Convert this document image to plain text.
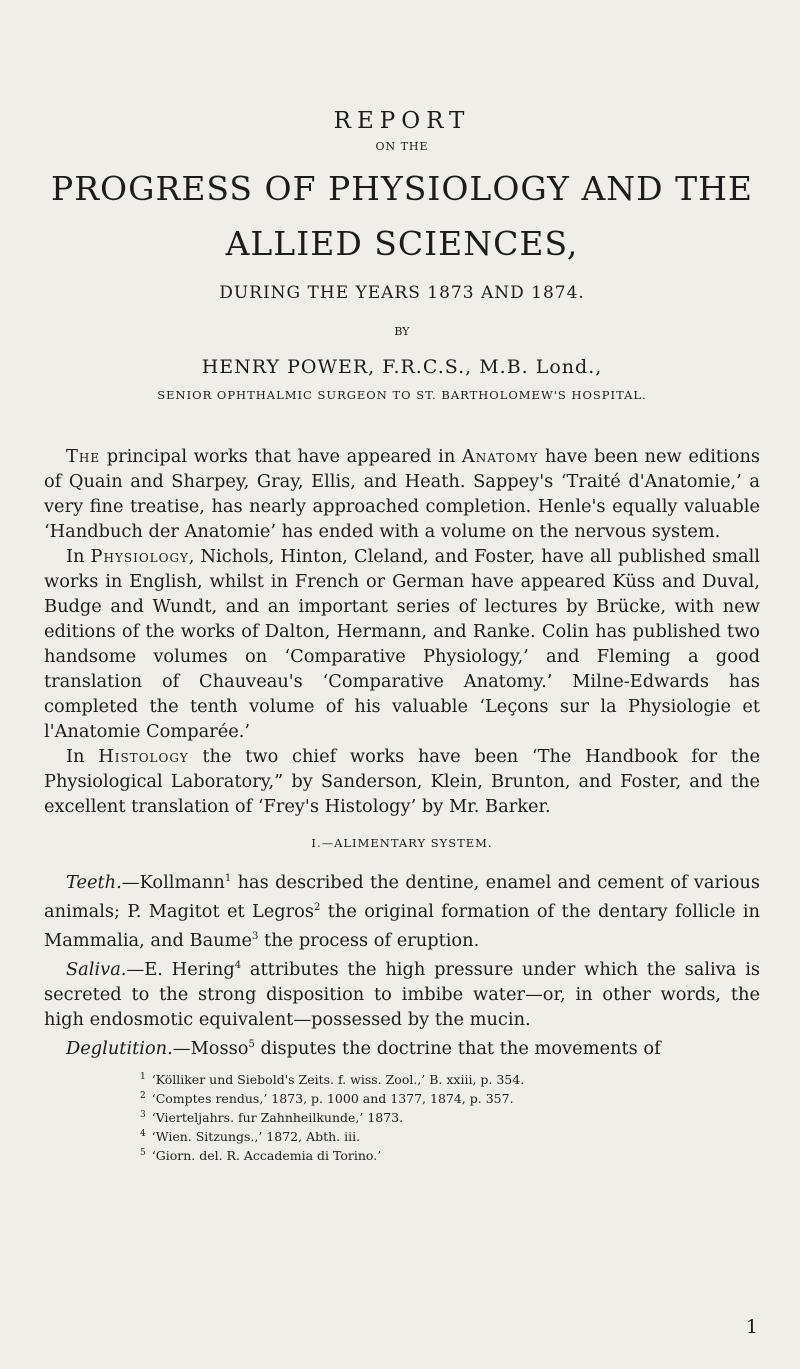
REPORT

ON THE

PROGRESS OF PHYSIOLOGY AND THE
ALLIED SCIENCES,

DURING THE YEARS 1873 AND 1874.

BY

HENRY POWER, F.R.C.S., M.B. Lond.,

SENIOR OPHTHALMIC SURGEON TO ST. BARTHOLOMEW'S HOSPITAL.

The principal works that have appeared in Anatomy have been new editions of Quain and Sharpey, Gray, Ellis, and Heath. Sappey's ‘Traité d'Anatomie,’ a very fine treatise, has nearly approached completion. Henle's equally valuable ‘Handbuch der Anatomie’ has ended with a volume on the nervous system.

In Physiology, Nichols, Hinton, Cleland, and Foster, have all published small works in English, whilst in French or German have appeared Küss and Duval, Budge and Wundt, and an important series of lectures by Brücke, with new editions of the works of Dalton, Hermann, and Ranke. Colin has published two handsome volumes on ‘Comparative Physiology,’ and Fleming a good translation of Chauveau's ‘Comparative Anatomy.’ Milne-Edwards has completed the tenth volume of his valuable ‘Leçons sur la Physiologie et l'Anatomie Comparée.’

In Histology the two chief works have been ‘The Handbook for the Physiological Laboratory,” by Sanderson, Klein, Brunton, and Foster, and the excellent translation of ‘Frey's Histology’ by Mr. Barker.

I.—ALIMENTARY SYSTEM.

Teeth.—Kollmann$^1$ has described the dentine, enamel and cement of various animals; P. Magitot et Legros$^2$ the original formation of the dentary follicle in Mammalia, and Baume$^3$ the process of eruption.

Saliva.—E. Hering$^4$ attributes the high pressure under which the saliva is secreted to the strong disposition to imbibe water—or, in other words, the high endosmotic equivalent—possessed by the mucin.

Deglutition.—Mosso$^5$ disputes the doctrine that the movements of

$^1$ ‘Kölliker und Siebold's Zeits. f. wiss. Zool.,’ B. xxiii, p. 354.
$^2$ ‘Comptes rendus,’ 1873, p. 1000 and 1377, 1874, p. 357.
$^3$ ‘Vierteljahrs. fur Zahnheilkunde,’ 1873.
$^4$ ‘Wien. Sitzungs.,’ 1872, Abth. iii.
$^5$ ‘Giorn. del. R. Accademia di Torino.’
1
